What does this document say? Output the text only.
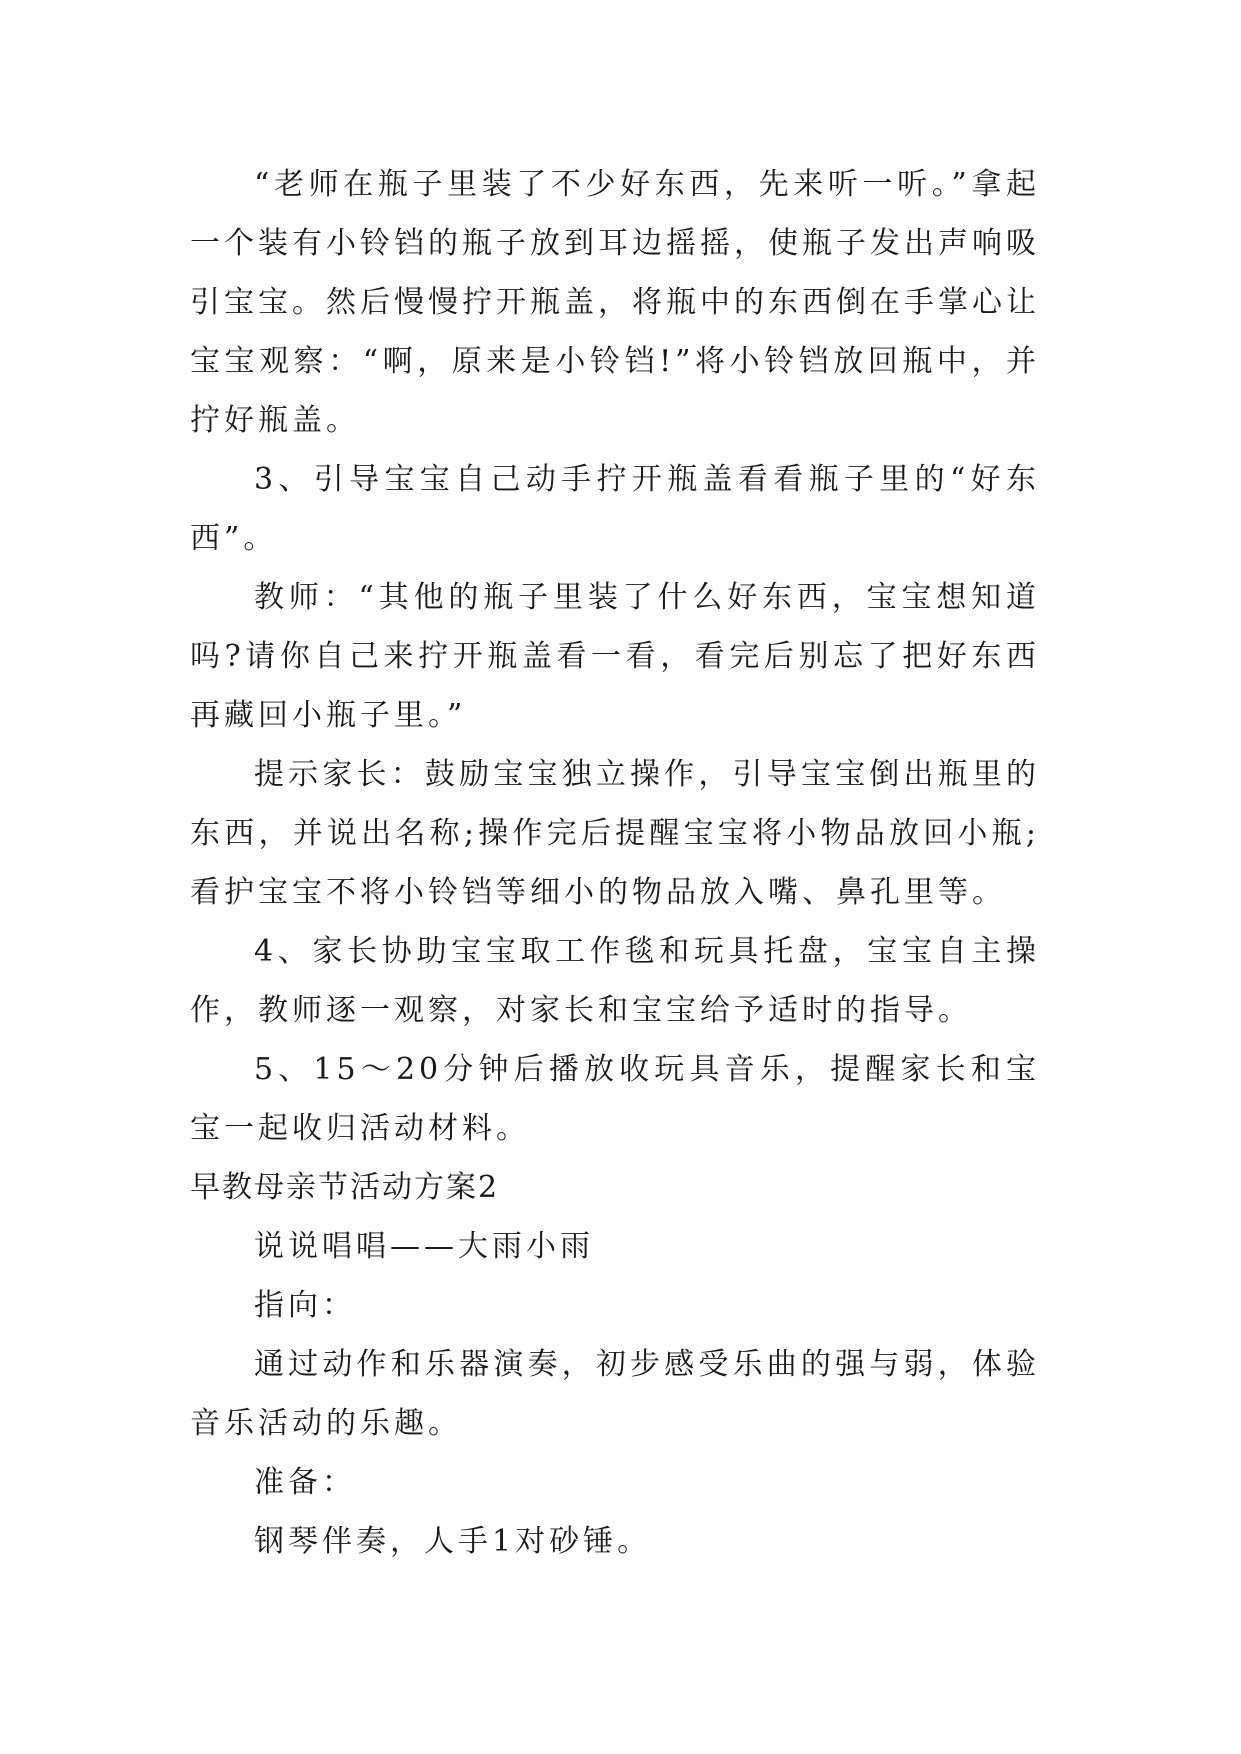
“老师在瓶子里装了不少好东西，先来听一听。”拿起一个装有小铃铛的瓶子放到耳边摇摇，使瓶子发出声响吸引宝宝。然后慢慢拧开瓶盖，将瓶中的东西倒在手掌心让宝宝观察：“啊，原来是小铃铛!”将小铃铛放回瓶中，并拧好瓶盖。

3、引导宝宝自己动手拧开瓶盖看看瓶子里的“好东西”。

教师：“其他的瓶子里装了什么好东西，宝宝想知道吗?请你自己来拧开瓶盖看一看，看完后别忘了把好东西再藏回小瓶子里。”

提示家长：鼓励宝宝独立操作，引导宝宝倒出瓶里的东西，并说出名称;操作完后提醒宝宝将小物品放回小瓶;看护宝宝不将小铃铛等细小的物品放入嘴、鼻孔里等。

4、家长协助宝宝取工作毯和玩具托盘，宝宝自主操作，教师逐一观察，对家长和宝宝给予适时的指导。

5、15～20分钟后播放收玩具音乐，提醒家长和宝宝一起收归活动材料。

早教母亲节活动方案2

说说唱唱——大雨小雨

指向：

通过动作和乐器演奏，初步感受乐曲的强与弱，体验音乐活动的乐趣。

准备：

钢琴伴奏，人手1对砂锤。
